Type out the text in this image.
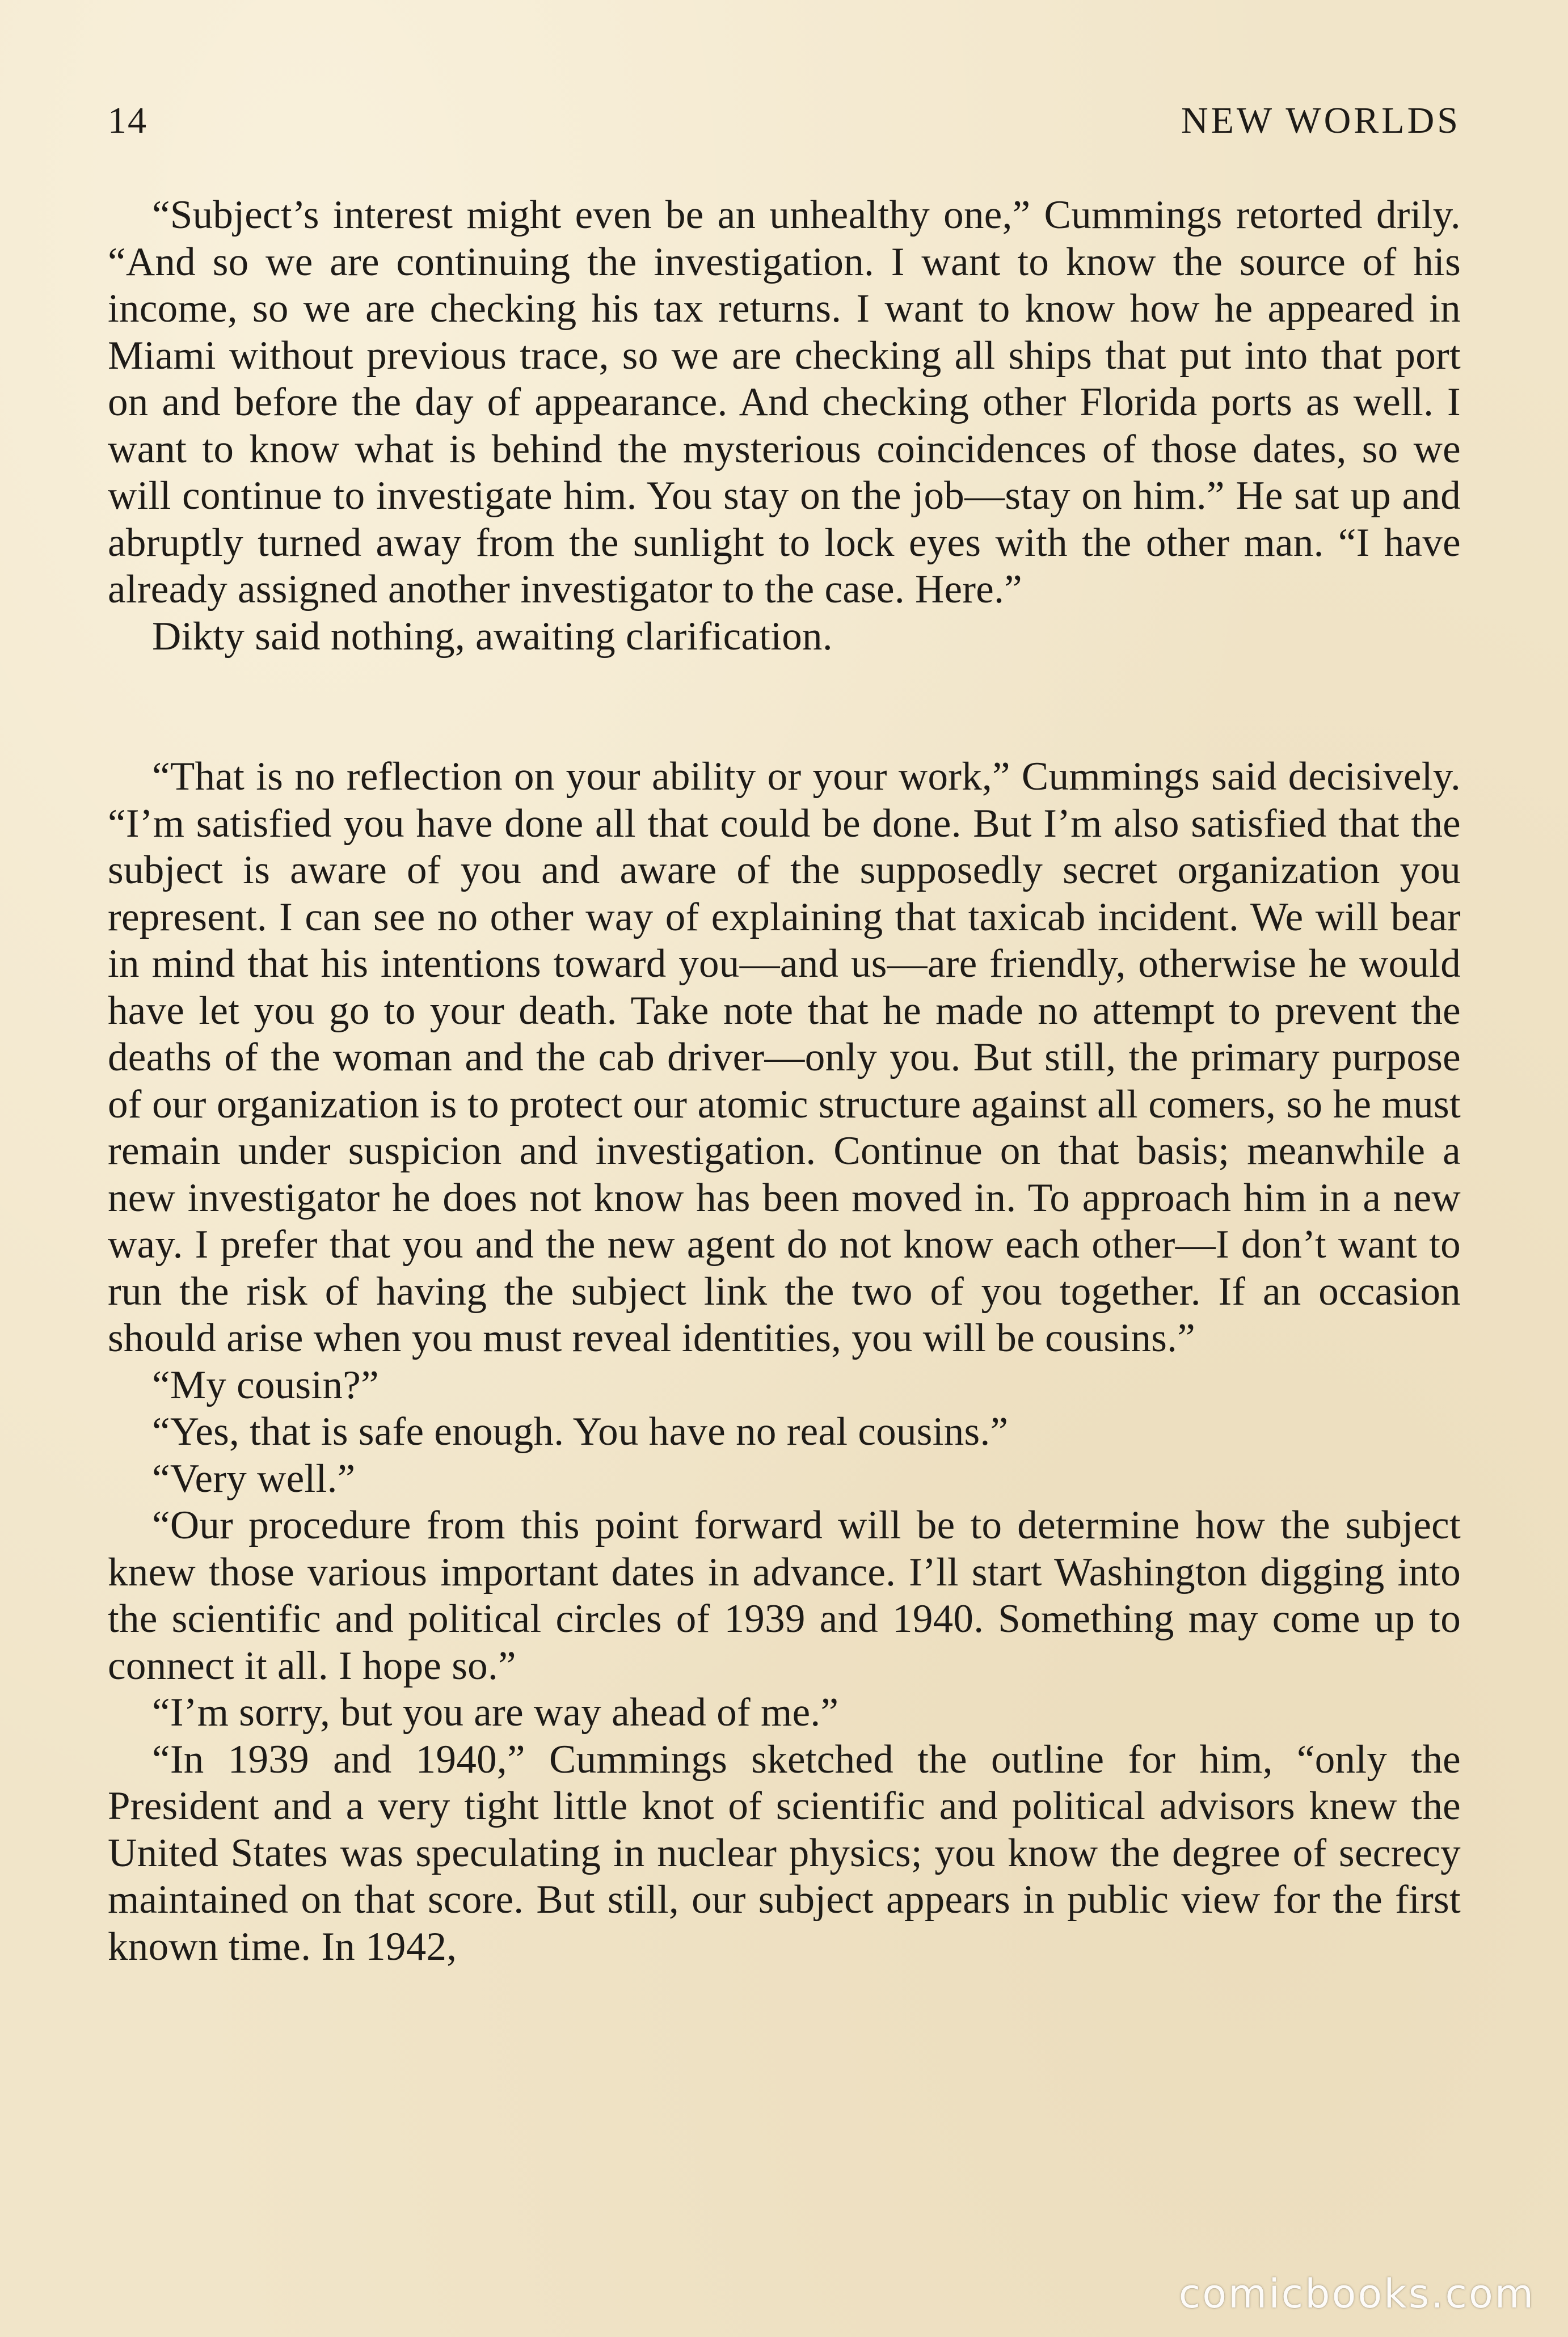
14	NEW WORLDS

“Subject’s interest might even be an unhealthy one,” Cummings retorted drily. “And so we are continuing the investigation. I want to know the source of his income, so we are checking his tax returns. I want to know how he appeared in Miami without previous trace, so we are checking all ships that put into that port on and before the day of appearance. And checking other Florida ports as well. I want to know what is behind the mysterious coincidences of those dates, so we will continue to investigate him. You stay on the job—stay on him.” He sat up and abruptly turned away from the sunlight to lock eyes with the other man. “I have already assigned another investigator to the case. Here.”

Dikty said nothing, awaiting clarification.

“That is no reflection on your ability or your work,” Cummings said decisively. “I’m satisfied you have done all that could be done. But I’m also satisfied that the subject is aware of you and aware of the supposedly secret organization you represent. I can see no other way of explaining that taxicab incident. We will bear in mind that his intentions toward you—and us—are friendly, otherwise he would have let you go to your death. Take note that he made no attempt to prevent the deaths of the woman and the cab driver—only you. But still, the primary purpose of our organization is to protect our atomic structure against all comers, so he must remain under suspicion and investigation. Continue on that basis; meanwhile a new investigator he does not know has been moved in. To approach him in a new way. I prefer that you and the new agent do not know each other—I don’t want to run the risk of having the subject link the two of you together. If an occasion should arise when you must reveal identities, you will be cousins.”

“My cousin?”

“Yes, that is safe enough. You have no real cousins.”

“Very well.”

“Our procedure from this point forward will be to determine how the subject knew those various important dates in advance. I’ll start Washington digging into the scientific and political circles of 1939 and 1940. Something may come up to connect it all. I hope so.”

“I’m sorry, but you are way ahead of me.”

“In 1939 and 1940,” Cummings sketched the outline for him, “only the President and a very tight little knot of scientific and political advisors knew the United States was speculating in nuclear physics; you know the degree of secrecy maintained on that score. But still, our subject appears in public view for the first known time. In 1942,

comicbooks.com
